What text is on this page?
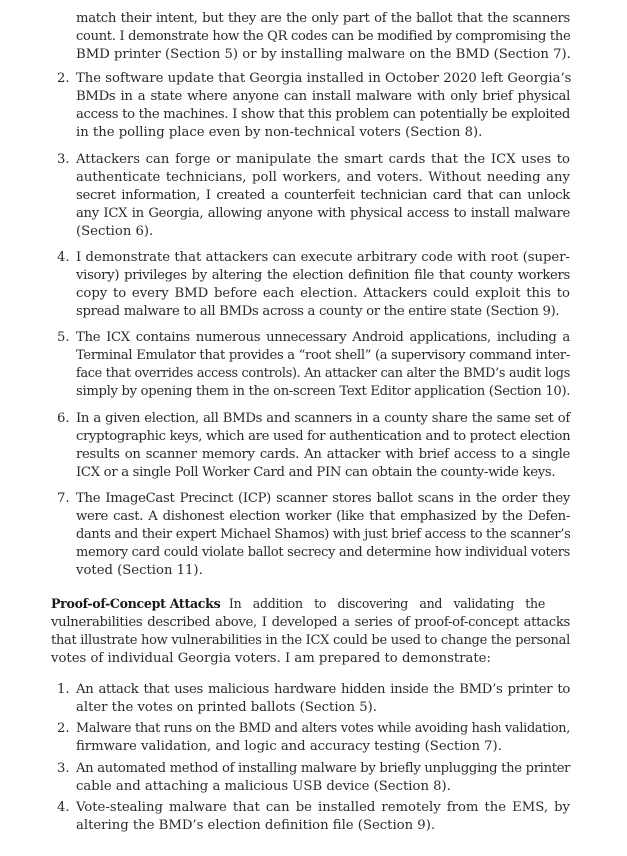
match their intent, but they are the only part of the ballot that the scanners
count. I demonstrate how the QR codes can be modified by compromising the
BMD printer (Section 5) or by installing malware on the BMD (Section 7).
2. The software update that Georgia installed in October 2020 left Georgia’s
BMDs in a state where anyone can install malware with only brief physical
access to the machines. I show that this problem can potentially be exploited
in the polling place even by non-technical voters (Section 8).
3. Attackers can forge or manipulate the smart cards that the ICX uses to
authenticate technicians, poll workers, and voters. Without needing any
secret information, I created a counterfeit technician card that can unlock
any ICX in Georgia, allowing anyone with physical access to install malware
(Section 6).
4. I demonstrate that attackers can execute arbitrary code with root (super-
visory) privileges by altering the election definition file that county workers
copy to every BMD before each election. Attackers could exploit this to
spread malware to all BMDs across a county or the entire state (Section 9).
5. The ICX contains numerous unnecessary Android applications, including a
Terminal Emulator that provides a “root shell” (a supervisory command inter-
face that overrides access controls). An attacker can alter the BMD’s audit logs
simply by opening them in the on-screen Text Editor application (Section 10).
6. In a given election, all BMDs and scanners in a county share the same set of
cryptographic keys, which are used for authentication and to protect election
results on scanner memory cards. An attacker with brief access to a single
ICX or a single Poll Worker Card and PIN can obtain the county-wide keys.
7. The ImageCast Precinct (ICP) scanner stores ballot scans in the order they
were cast. A dishonest election worker (like that emphasized by the Defen-
dants and their expert Michael Shamos) with just brief access to the scanner’s
memory card could violate ballot secrecy and determine how individual voters
voted (Section 11).
Proof-of-Concept Attacks In addition to discovering and validating the
vulnerabilities described above, I developed a series of proof-of-concept attacks
that illustrate how vulnerabilities in the ICX could be used to change the personal
votes of individual Georgia voters. I am prepared to demonstrate:
1. An attack that uses malicious hardware hidden inside the BMD’s printer to
alter the votes on printed ballots (Section 5).
2. Malware that runs on the BMD and alters votes while avoiding hash validation,
firmware validation, and logic and accuracy testing (Section 7).
3. An automated method of installing malware by briefly unplugging the printer
cable and attaching a malicious USB device (Section 8).
4. Vote-stealing malware that can be installed remotely from the EMS, by
altering the BMD’s election definition file (Section 9).
